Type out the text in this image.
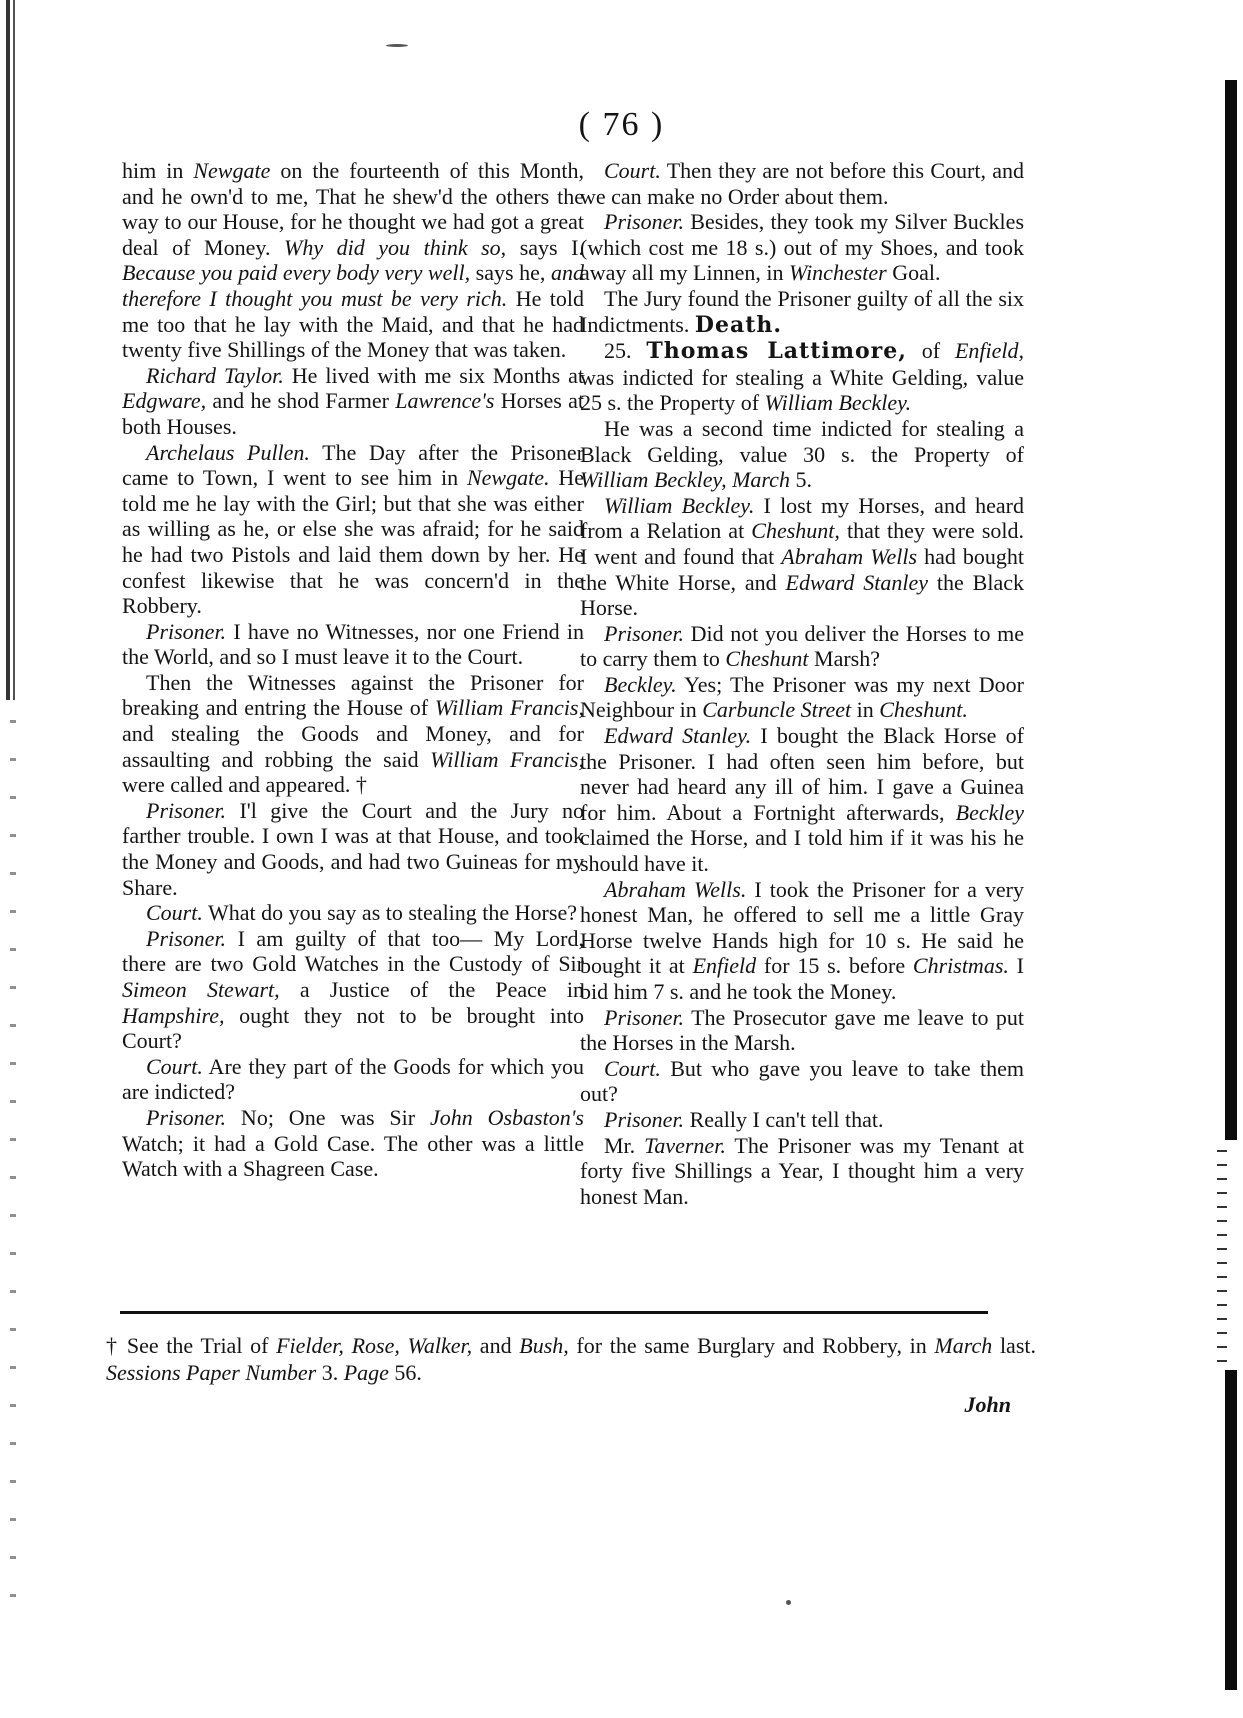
( 76 )

him in Newgate on the fourteenth of this Month, and he own'd to me, That he shew'd the others the way to our House, for he thought we had got a great deal of Money. Why did you think so, says I. Because you paid every body very well, says he, and therefore I thought you must be very rich. He told me too that he lay with the Maid, and that he had twenty five Shillings of the Money that was taken.

Richard Taylor. He lived with me six Months at Edgware, and he shod Farmer Lawrence's Horses at both Houses.

Archelaus Pullen. The Day after the Prisoner came to Town, I went to see him in Newgate. He told me he lay with the Girl; but that she was either as willing as he, or else she was afraid; for he said he had two Pistols and laid them down by her. He confest likewise that he was concern'd in the Robbery.

Prisoner. I have no Witnesses, nor one Friend in the World, and so I must leave it to the Court.

Then the Witnesses against the Prisoner for breaking and entring the House of William Francis, and stealing the Goods and Money, and for assaulting and robbing the said William Francis, were called and appeared. †

Prisoner. I'l give the Court and the Jury no farther trouble. I own I was at that House, and took the Money and Goods, and had two Guineas for my Share.

Court. What do you say as to stealing the Horse?

Prisoner. I am guilty of that too— My Lord, there are two Gold Watches in the Custody of Sir Simeon Stewart, a Justice of the Peace in Hampshire, ought they not to be brought into Court?

Court. Are they part of the Goods for which you are indicted?

Prisoner. No; One was Sir John Osbaston's Watch; it had a Gold Case. The other was a little Watch with a Shagreen Case.

Court. Then they are not before this Court, and we can make no Order about them.

Prisoner. Besides, they took my Silver Buckles (which cost me 18 s.) out of my Shoes, and took away all my Linnen, in Winchester Goal.

The Jury found the Prisoner guilty of all the six Indictments. Death.

25. Thomas Lattimore, of Enfield, was indicted for stealing a White Gelding, value 25 s. the Property of William Beckley.

He was a second time indicted for stealing a Black Gelding, value 30 s. the Property of William Beckley, March 5.

William Beckley. I lost my Horses, and heard from a Relation at Cheshunt, that they were sold. I went and found that Abraham Wells had bought the White Horse, and Edward Stanley the Black Horse.

Prisoner. Did not you deliver the Horses to me to carry them to Cheshunt Marsh?

Beckley. Yes; The Prisoner was my next Door Neighbour in Carbuncle Street in Cheshunt.

Edward Stanley. I bought the Black Horse of the Prisoner. I had often seen him before, but never had heard any ill of him. I gave a Guinea for him. About a Fortnight afterwards, Beckley claimed the Horse, and I told him if it was his he should have it.

Abraham Wells. I took the Prisoner for a very honest Man, he offered to sell me a little Gray Horse twelve Hands high for 10 s. He said he bought it at Enfield for 15 s. before Christmas. I bid him 7 s. and he took the Money.

Prisoner. The Prosecutor gave me leave to put the Horses in the Marsh.

Court. But who gave you leave to take them out?

Prisoner. Really I can't tell that.

Mr. Taverner. The Prisoner was my Tenant at forty five Shillings a Year, I thought him a very honest Man.

† See the Trial of Fielder, Rose, Walker, and Bush, for the same Burglary and Robbery, in March last. Sessions Paper Number 3. Page 56.
John
